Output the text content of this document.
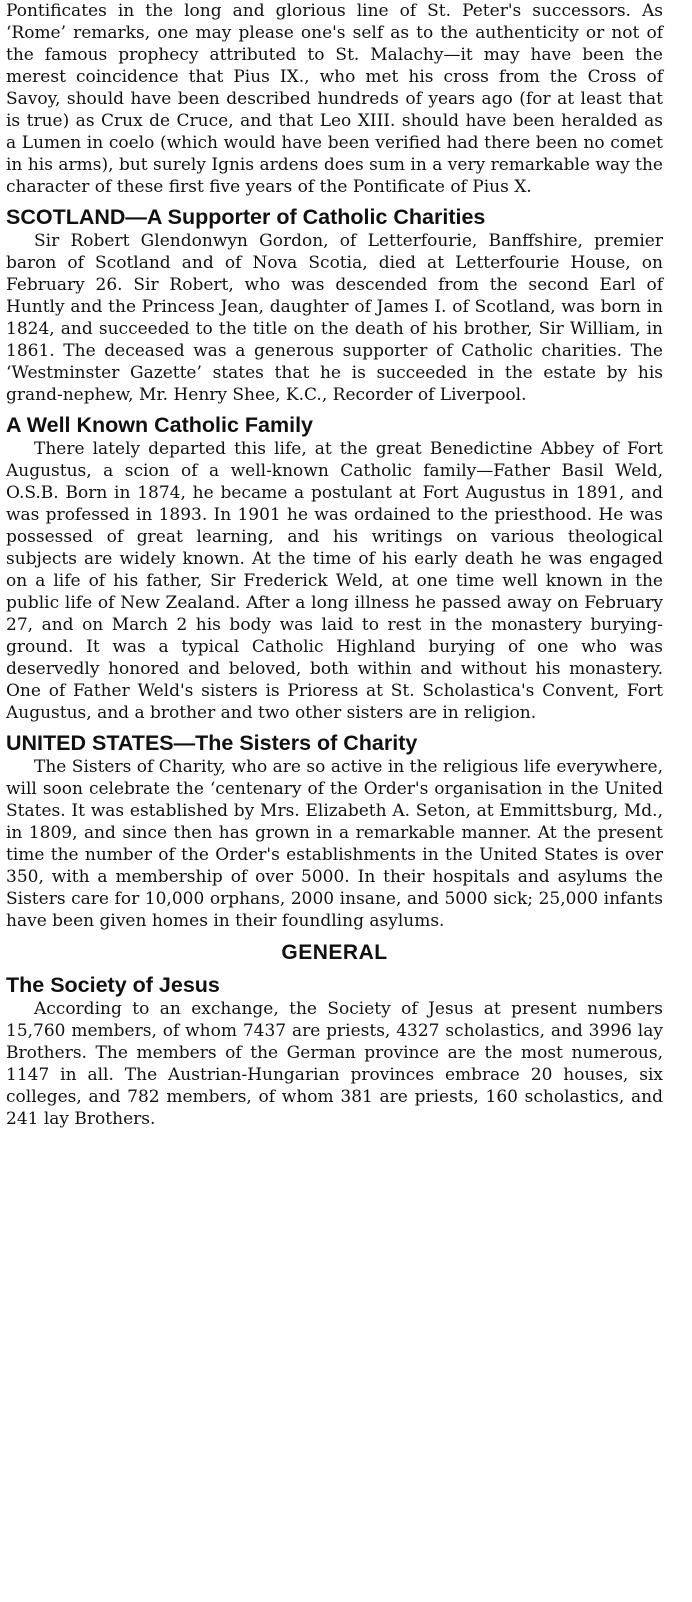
Pontificates in the long and glorious line of St. Peter's successors. As ‘Rome’ remarks, one may please one's self as to the authenticity or not of the famous prophecy attributed to St. Malachy—it may have been the merest coincidence that Pius IX., who met his cross from the Cross of Savoy, should have been described hundreds of years ago (for at least that is true) as Crux de Cruce, and that Leo XIII. should have been heralded as a Lumen in coelo (which would have been verified had there been no comet in his arms), but surely Ignis ardens does sum in a very remarkable way the character of these first five years of the Pontificate of Pius X.

SCOTLAND—A Supporter of Catholic Charities

Sir Robert Glendonwyn Gordon, of Letterfourie, Banffshire, premier baron of Scotland and of Nova Scotia, died at Letterfourie House, on February 26. Sir Robert, who was descended from the second Earl of Huntly and the Princess Jean, daughter of James I. of Scotland, was born in 1824, and succeeded to the title on the death of his brother, Sir William, in 1861. The deceased was a generous supporter of Catholic charities. The ‘Westminster Gazette’ states that he is succeeded in the estate by his grand-nephew, Mr. Henry Shee, K.C., Recorder of Liverpool.

A Well Known Catholic Family

There lately departed this life, at the great Benedictine Abbey of Fort Augustus, a scion of a well-known Catholic family—Father Basil Weld, O.S.B. Born in 1874, he became a postulant at Fort Augustus in 1891, and was professed in 1893. In 1901 he was ordained to the priesthood. He was possessed of great learning, and his writings on various theological subjects are widely known. At the time of his early death he was engaged on a life of his father, Sir Frederick Weld, at one time well known in the public life of New Zealand. After a long illness he passed away on February 27, and on March 2 his body was laid to rest in the monastery burying-ground. It was a typical Catholic Highland burying of one who was deservedly honored and beloved, both within and without his monastery. One of Father Weld's sisters is Prioress at St. Scholastica's Convent, Fort Augustus, and a brother and two other sisters are in religion.

UNITED STATES—The Sisters of Charity

The Sisters of Charity, who are so active in the religious life everywhere, will soon celebrate the ‘centenary of the Order's organisation in the United States. It was established by Mrs. Elizabeth A. Seton, at Emmittsburg, Md., in 1809, and since then has grown in a remarkable manner. At the present time the number of the Order's establishments in the United States is over 350, with a membership of over 5000. In their hospitals and asylums the Sisters care for 10,000 orphans, 2000 insane, and 5000 sick; 25,000 infants have been given homes in their foundling asylums.

GENERAL
The Society of Jesus

According to an exchange, the Society of Jesus at present numbers 15,760 members, of whom 7437 are priests, 4327 scholastics, and 3996 lay Brothers. The members of the German province are the most numerous, 1147 in all. The Austrian-Hungarian provinces embrace 20 houses, six colleges, and 782 members, of whom 381 are priests, 160 scholastics, and 241 lay Brothers.
